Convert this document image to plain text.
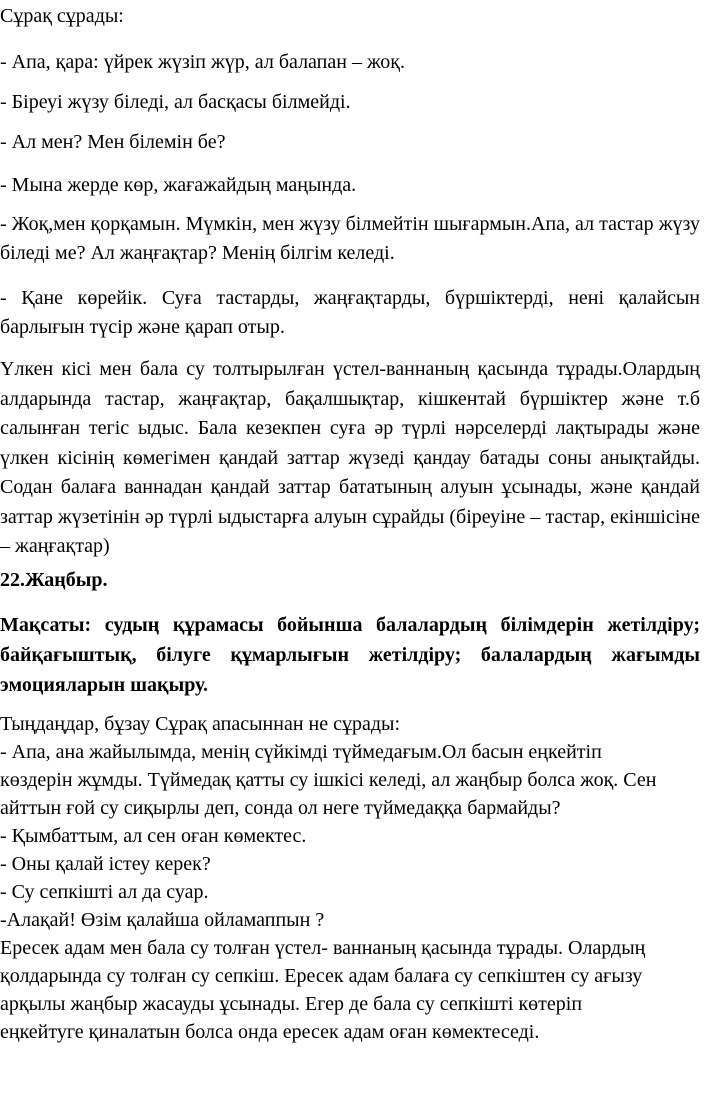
Сұрақ сұрады:

- Апа, қара: үйрек жүзіп жүр, ал балапан – жоқ.

- Біреуі жүзу біледі, ал басқасы білмейді.

- Ал мен? Мен білемін бе?

- Мына жерде көр, жағажайдың маңында.

- Жоқ,мен қорқамын. Мүмкін, мен жүзу білмейтін шығармын.Апа, ал тастар жүзу біледі ме? Ал жаңғақтар? Менің білгім келеді.

- Қане көрейік. Суға тастарды, жаңғақтарды, бүршіктерді, нені қалайсын барлығын түсір және қарап отыр.

Үлкен кісі мен бала су толтырылған үстел-ваннаның қасында тұрады.Олардың алдарында тастар, жаңғақтар, бақалшықтар, кішкентай бүршіктер және т.б салынған тегіс ыдыс. Бала кезекпен суға әр түрлі нәрселерді лақтырады және үлкен кісінің көмегімен қандай заттар жүзеді қандау батады соны анықтайды. Содан балаға ваннадан қандай заттар бататының алуын ұсынады, және қандай заттар жүзетінін әр түрлі ыдыстарға алуын сұрайды (біреуіне – тастар, екіншісіне – жаңғақтар)

22.Жаңбыр.

Мақсаты: судың құрамасы бойынша балалардың білімдерін жетілдіру; байқағыштық, білуге құмарлығын жетілдіру; балалардың жағымды эмоцияларын шақыру.

Тыңдаңдар, бұзау Сұрақ апасыннан не сұрады:

- Апа, ана жайылымда, менің сүйкімді түймедағым.Ол басын еңкейтіп

көздерін жұмды. Түймедақ қатты су ішкісі келеді, ал жаңбыр болса жоқ. Сен

айттын ғой су сиқырлы деп, сонда ол неге түймедаққа бармайды?

- Қымбаттым, ал сен оған көмектес.

- Оны қалай істеу керек?

- Су сепкішті ал да суар.

-Алақай! Өзім қалайша ойламаппын ?

Ересек адам мен бала су толған үстел- ваннаның қасында тұрады. Олардың

қолдарында су толған су сепкіш. Ересек адам балаға су сепкіштен су ағызу

арқылы жаңбыр жасауды ұсынады. Егер де бала су сепкішті көтеріп

еңкейтуге қиналатын болса онда ересек адам оған көмектеседі.
